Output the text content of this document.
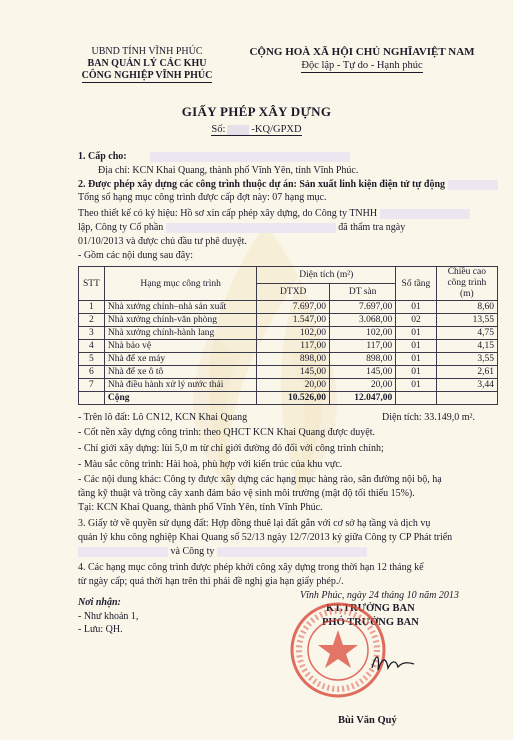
UBND TỈNH VĨNH PHÚC
BAN QUẢN LÝ CÁC KHU
CÔNG NGHIỆP VĨNH PHÚC
CỘNG HOÀ XÃ HỘI CHỦ NGHĨAVIỆT NAM
Độc lập - Tự do - Hạnh phúc
GIẤY PHÉP XÂY DỰNG
Số: -KQ/GPXD
1. Cấp cho:
Địa chỉ: KCN Khai Quang, thành phố Vĩnh Yên, tỉnh Vĩnh Phúc.
2. Được phép xây dựng các công trình thuộc dự án: Sản xuất linh kiện điện tử tự động
Tổng số hạng mục công trình được cấp đợt này: 07 hạng mục.
Theo thiết kế có ký hiệu: Hồ sơ xin cấp phép xây dựng, do Công ty TNHH
lập, Công ty Cổ phần	đã thẩm tra ngày
01/10/2013 và được chủ đầu tư phê duyệt.
- Gồm các nội dung sau đây:
STT	Hạng mục công trình	Diện tích (m²)		Số tầng	Chiều cao công trình (m)
		DTXD	DT sàn		
1	Nhà xưởng chính–nhà sản xuất	7.697,00	7.697,00	01	8,60
2	Nhà xưởng chính-văn phòng	1.547,00	3.068,00	02	13,55
3	Nhà xưởng chính-hành lang	102,00	102,00	01	4,75
4	Nhà bảo vệ	117,00	117,00	01	4,15
5	Nhà để xe máy	898,00	898,00	01	3,55
6	Nhà để xe ô tô	145,00	145,00	01	2,61
7	Nhà điều hành xử lý nước thải	20,00	20,00	01	3,44
	Cộng	10.526,00	12.047,00		
- Trên lô đất: Lô CN12, KCN Khai Quang	Diện tích: 33.149,0 m².
- Cốt nền xây dựng công trình: theo QHCT KCN Khai Quang được duyệt.
- Chỉ giới xây dựng: lùi 5,0 m từ chỉ giới đường đỏ đối với công trình chính;
- Màu sắc công trình: Hài hoà, phù hợp với kiến trúc của khu vực.
- Các nội dung khác: Công ty được xây dựng các hạng mục hàng rào, sân đường nội bộ, hạ
tầng kỹ thuật và trồng cây xanh đảm bảo vệ sinh môi trường (mật độ tối thiểu 15%).
Tại: KCN Khai Quang, thành phố Vĩnh Yên, tỉnh Vĩnh Phúc.
3. Giấy tờ về quyền sử dụng đất: Hợp đồng thuê lại đất gắn với cơ sở hạ tầng và dịch vụ
quản lý khu công nghiệp Khai Quang số 52/13 ngày 12/7/2013 ký giữa Công ty CP Phát triển
và Công ty
4. Các hạng mục công trình được phép khởi công xây dựng trong thời hạn 12 tháng kể
từ ngày cấp; quá thời hạn trên thì phải đề nghị gia hạn giấy phép./.
Vĩnh Phúc, ngày 24 tháng 10 năm 2013
KT.TRƯỞNG BAN
PHÓ TRƯỞNG BAN
Nơi nhận:
- Như khoản 1,
- Lưu: QH.
Bùi Văn Quý
